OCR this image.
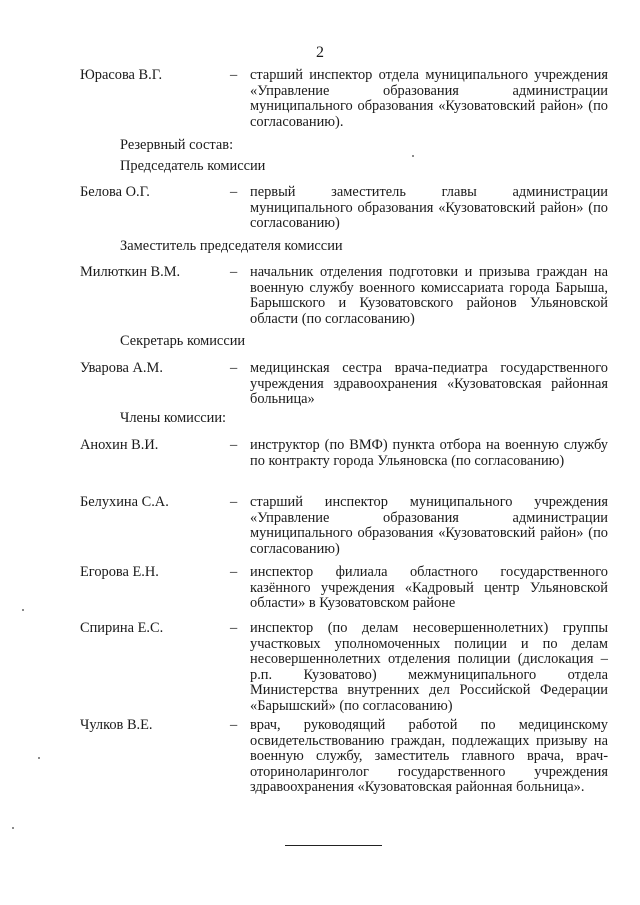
2
Юрасова В.Г.	– старший инспектор отдела муниципального учреждения «Управление образования администрации муниципального образования «Кузоватовский район» (по согласованию).
Резервный состав:
Председатель комиссии
Белова О.Г.	– первый заместитель главы администрации муниципального образования «Кузоватовский район» (по согласованию)
Заместитель председателя комиссии
Милюткин В.М.	– начальник отделения подготовки и призыва граждан на военную службу военного комиссариата города Барыша, Барышского и Кузоватовского районов Ульяновской области (по согласованию)
Секретарь комиссии
Уварова А.М.	– медицинская сестра врача-педиатра государственного учреждения здравоохранения «Кузоватовская районная больница»
Члены комиссии:
Анохин В.И.	– инструктор (по ВМФ) пункта отбора на военную службу по контракту города Ульяновска (по согласованию)
Белухина С.А.	– старший инспектор муниципального учреждения «Управление образования администрации муниципального образования «Кузоватовский район» (по согласованию)
Егорова Е.Н.	– инспектор филиала областного государственного казённого учреждения «Кадровый центр Ульяновской области» в Кузоватовском районе
Спирина Е.С.	– инспектор (по делам несовершеннолетних) группы участковых уполномоченных полиции и по делам несовершеннолетних отделения полиции (дислокация – р.п. Кузоватово) межмуниципального отдела Министерства внутренних дел Российской Федерации «Барышский» (по согласованию)
Чулков В.Е.	– врач, руководящий работой по медицинскому освидетельствованию граждан, подлежащих призыву на военную службу, заместитель главного врача, врач-оториноларинголог государственного учреждения здравоохранения «Кузоватовская районная больница».
